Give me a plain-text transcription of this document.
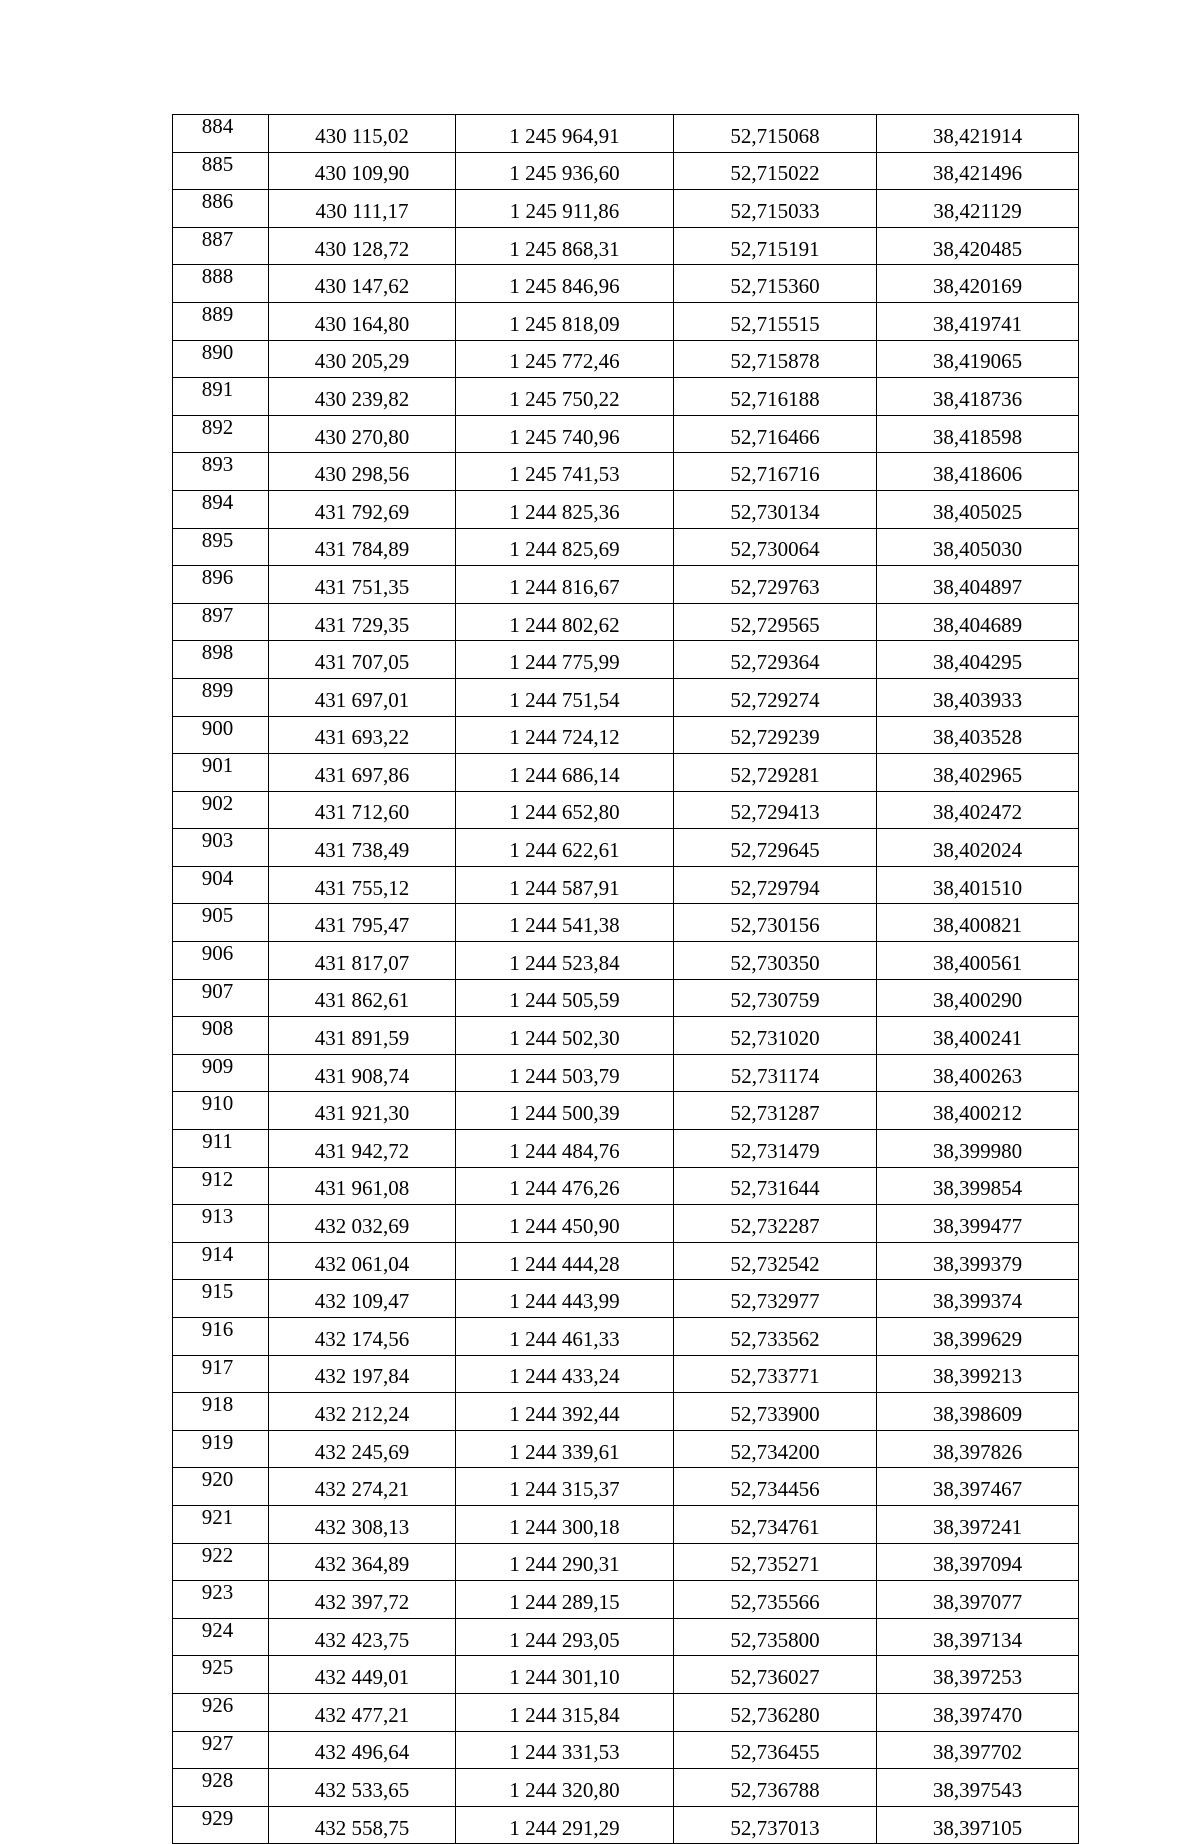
884	430 115,02	1 245 964,91	52,715068	38,421914
885	430 109,90	1 245 936,60	52,715022	38,421496
886	430 111,17	1 245 911,86	52,715033	38,421129
887	430 128,72	1 245 868,31	52,715191	38,420485
888	430 147,62	1 245 846,96	52,715360	38,420169
889	430 164,80	1 245 818,09	52,715515	38,419741
890	430 205,29	1 245 772,46	52,715878	38,419065
891	430 239,82	1 245 750,22	52,716188	38,418736
892	430 270,80	1 245 740,96	52,716466	38,418598
893	430 298,56	1 245 741,53	52,716716	38,418606
894	431 792,69	1 244 825,36	52,730134	38,405025
895	431 784,89	1 244 825,69	52,730064	38,405030
896	431 751,35	1 244 816,67	52,729763	38,404897
897	431 729,35	1 244 802,62	52,729565	38,404689
898	431 707,05	1 244 775,99	52,729364	38,404295
899	431 697,01	1 244 751,54	52,729274	38,403933
900	431 693,22	1 244 724,12	52,729239	38,403528
901	431 697,86	1 244 686,14	52,729281	38,402965
902	431 712,60	1 244 652,80	52,729413	38,402472
903	431 738,49	1 244 622,61	52,729645	38,402024
904	431 755,12	1 244 587,91	52,729794	38,401510
905	431 795,47	1 244 541,38	52,730156	38,400821
906	431 817,07	1 244 523,84	52,730350	38,400561
907	431 862,61	1 244 505,59	52,730759	38,400290
908	431 891,59	1 244 502,30	52,731020	38,400241
909	431 908,74	1 244 503,79	52,731174	38,400263
910	431 921,30	1 244 500,39	52,731287	38,400212
911	431 942,72	1 244 484,76	52,731479	38,399980
912	431 961,08	1 244 476,26	52,731644	38,399854
913	432 032,69	1 244 450,90	52,732287	38,399477
914	432 061,04	1 244 444,28	52,732542	38,399379
915	432 109,47	1 244 443,99	52,732977	38,399374
916	432 174,56	1 244 461,33	52,733562	38,399629
917	432 197,84	1 244 433,24	52,733771	38,399213
918	432 212,24	1 244 392,44	52,733900	38,398609
919	432 245,69	1 244 339,61	52,734200	38,397826
920	432 274,21	1 244 315,37	52,734456	38,397467
921	432 308,13	1 244 300,18	52,734761	38,397241
922	432 364,89	1 244 290,31	52,735271	38,397094
923	432 397,72	1 244 289,15	52,735566	38,397077
924	432 423,75	1 244 293,05	52,735800	38,397134
925	432 449,01	1 244 301,10	52,736027	38,397253
926	432 477,21	1 244 315,84	52,736280	38,397470
927	432 496,64	1 244 331,53	52,736455	38,397702
928	432 533,65	1 244 320,80	52,736788	38,397543
929	432 558,75	1 244 291,29	52,737013	38,397105
